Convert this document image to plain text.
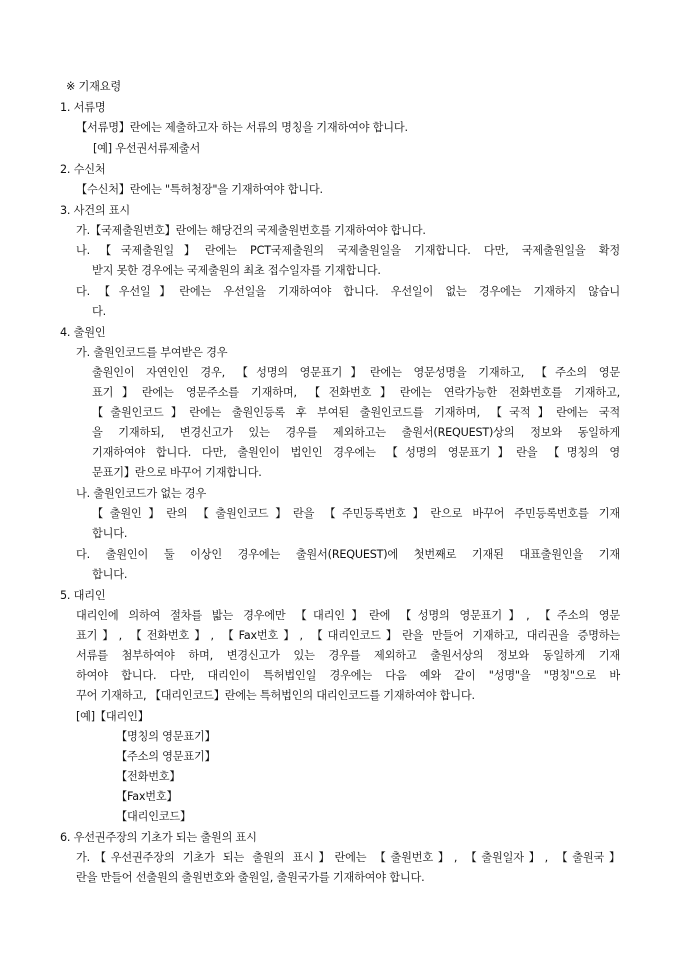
※ 기재요령
1. 서류명
【서류명】란에는 제출하고자 하는 서류의 명칭을 기재하여야 합니다.
[예] 우선권서류제출서
2. 수신처
【수신처】란에는 "특허청장"을 기재하여야 합니다.
3. 사건의 표시
가.【국제출원번호】란에는 해당건의 국제출원번호를 기재하여야 합니다.
나.【국제출원일】란에는 PCT국제출원의 국제출원일을 기재합니다. 다만, 국제출원일을 확정
받지 못한 경우에는 국제출원의 최초 접수일자를 기재합니다.
다.【우선일】란에는 우선일을 기재하여야 합니다. 우선일이 없는 경우에는 기재하지 않습니
다.
4. 출원인
가. 출원인코드를 부여받은 경우
출원인이 자연인인 경우, 【성명의 영문표기】란에는 영문성명을 기재하고, 【주소의 영문
표기】란에는 영문주소를 기재하며, 【전화번호】란에는 연락가능한 전화번호를 기재하고,
【출원인코드】란에는 출원인등록 후 부여된 출원인코드를 기재하며, 【국적】란에는 국적
을 기재하되, 변경신고가 있는 경우를 제외하고는 출원서(REQUEST)상의 정보와 동일하게
기재하여야 합니다. 다만, 출원인이 법인인 경우에는 【성명의 영문표기】란을 【명칭의 영
문표기】란으로 바꾸어 기재합니다.
나. 출원인코드가 없는 경우
【출원인】란의 【출원인코드】란을 【주민등록번호】란으로 바꾸어 주민등록번호를 기재
합니다.
다. 출원인이 둘 이상인 경우에는 출원서(REQUEST)에 첫번째로 기재된 대표출원인을 기재
합니다.
5. 대리인
대리인에 의하여 절차를 밟는 경우에만 【대리인】란에 【성명의 영문표기】, 【주소의 영문
표기】, 【전화번호】, 【Fax번호】, 【대리인코드】란을 만들어 기재하고, 대리권을 증명하는
서류를 첨부하여야 하며, 변경신고가 있는 경우를 제외하고 출원서상의 정보와 동일하게 기재
하여야 합니다. 다만, 대리인이 특허법인일 경우에는 다음 예와 같이 "성명"을 "명칭"으로 바
꾸어 기재하고, 【대리인코드】란에는 특허법인의 대리인코드를 기재하여야 합니다.
[예]【대리인】
【명칭의 영문표기】
【주소의 영문표기】
【전화번호】
【Fax번호】
【대리인코드】
6. 우선권주장의 기초가 되는 출원의 표시
가.【우선권주장의 기초가 되는 출원의 표시】란에는 【출원번호】, 【출원일자】, 【출원국】
란을 만들어 선출원의 출원번호와 출원일, 출원국가를 기재하여야 합니다.
